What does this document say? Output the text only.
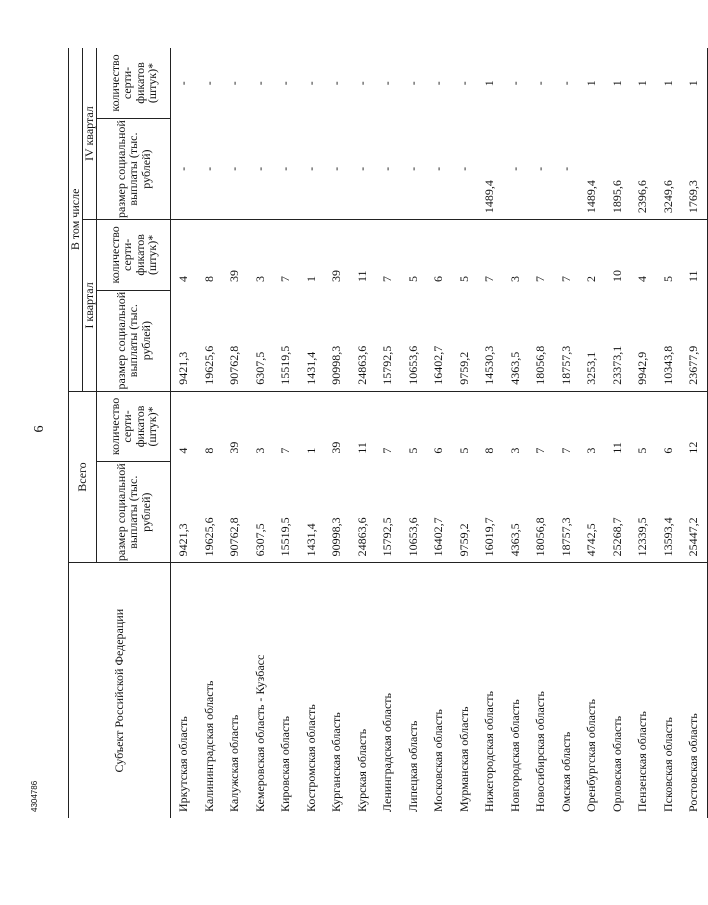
6
Субъект Российской Федерации	Всего		В том числе			
			I квартал		IV квартал	
	размер социальной выплаты (тыс. рублей)	количество серти- фикатов (штук)*	размер социальной выплаты (тыс. рублей)	количество серти- фикатов (штук)*	размер социальной выплаты (тыс. рублей)	количество серти- фикатов (штук)*

Иркутская область	9421,3	4	9421,3	4	-	-
Калининградская область	19625,6	8	19625,6	8	-	-
Калужская область	90762,8	39	90762,8	39	-	-
Кемеровская область - Кузбасс	6307,5	3	6307,5	3	-	-
Кировская область	15519,5	7	15519,5	7	-	-
Костромская область	1431,4	1	1431,4	1	-	-
Курганская область	90998,3	39	90998,3	39	-	-
Курская область	24863,6	11	24863,6	11	-	-
Ленинградская область	15792,5	7	15792,5	7	-	-
Липецкая область	10653,6	5	10653,6	5	-	-
Московская область	16402,7	6	16402,7	6	-	-
Мурманская область	9759,2	5	9759,2	5	-	-
Нижегородская область	16019,7	8	14530,3	7	1489,4	1
Новгородская область	4363,5	3	4363,5	3	-	-
Новосибирская область	18056,8	7	18056,8	7	-	-
Омская область	18757,3	7	18757,3	7	-	-
Оренбургская область	4742,5	3	3253,1	2	1489,4	1
Орловская область	25268,7	11	23373,1	10	1895,6	1
Пензенская область	12339,5	5	9942,9	4	2396,6	1
Псковская область	13593,4	6	10343,8	5	3249,6	1
Ростовская область	25447,2	12	23677,9	11	1769,3	1
4304786
